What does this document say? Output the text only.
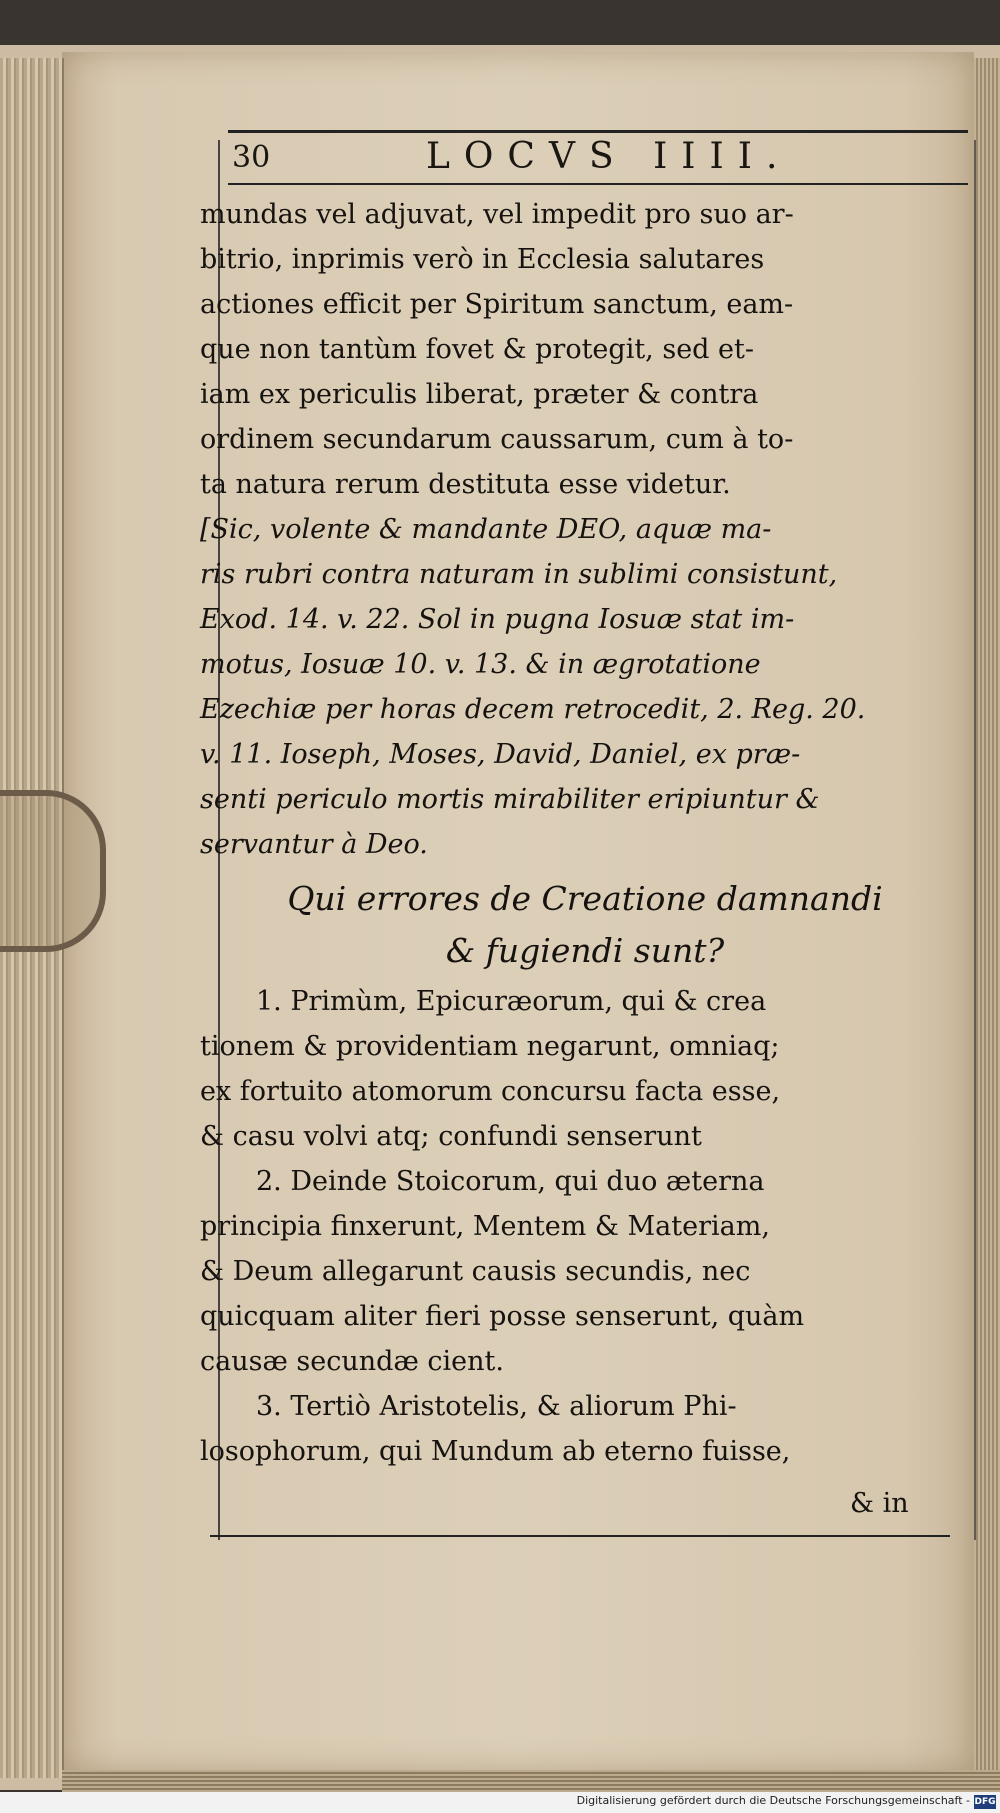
30	LOCVS IIII.
mundas vel adjuvat, vel impedit pro suo ar-
bitrio, inprimis verò in Ecclesia salutares
actiones efficit per Spiritum sanctum, eam-
que non tantùm fovet & protegit, sed et-
iam ex periculis liberat, præter & contra
ordinem secundarum caussarum, cum à to-
ta natura rerum destituta esse videtur.
[Sic, volente & mandante DEO, aquæ ma-
ris rubri contra naturam in sublimi consistunt,
Exod. 14. v. 22. Sol in pugna Iosuæ stat im-
motus, Iosuæ 10. v. 13. & in ægrotatione
Ezechiæ per horas decem retrocedit, 2. Reg. 20.
v. 11. Ioseph, Moses, David, Daniel, ex præ-
senti periculo mortis mirabiliter eripiuntur &
servantur à Deo.
Qui errores de Creatione damnandi
& fugiendi sunt?
1. Primùm, Epicuræorum, qui & crea
tionem & providentiam negarunt, omniaq;
ex fortuito atomorum concursu facta esse,
& casu volvi atq; confundi senserunt
2. Deinde Stoicorum, qui duo æterna
principia finxerunt, Mentem & Materiam,
& Deum allegarunt causis secundis, nec
quicquam aliter fieri posse senserunt, quàm
causæ secundæ cient.
3. Tertiò Aristotelis, & aliorum Phi-
losophorum, qui Mundum ab eterno fuisse,
& in
Digitalisierung gefördert durch die Deutsche Forschungsgemeinschaft - DFG
